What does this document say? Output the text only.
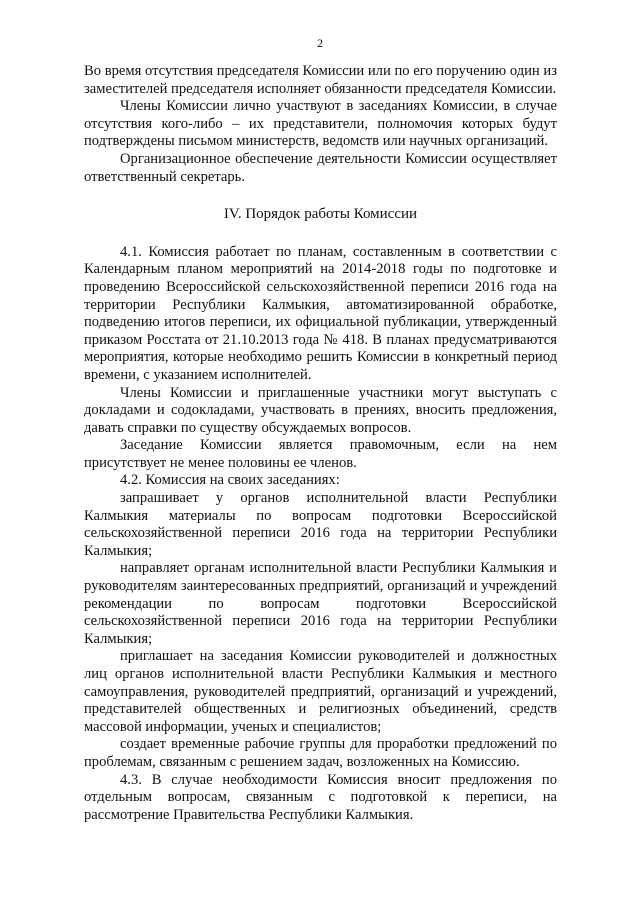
2

Во время отсутствия председателя Комиссии или по его поручению один из заместителей председателя исполняет обязанности председателя Комиссии.

Члены Комиссии лично участвуют в заседаниях Комиссии, в случае отсутствия кого-либо – их представители, полномочия которых будут подтверждены письмом министерств, ведомств или научных организаций.

Организационное обеспечение деятельности Комиссии осуществляет ответственный секретарь.

IV. Порядок работы Комиссии

4.1. Комиссия работает по планам, составленным в соответствии с Календарным планом мероприятий на 2014-2018 годы по подготовке и проведению Всероссийской сельскохозяйственной переписи 2016 года на территории Республики Калмыкия, автоматизированной обработке, подведению итогов переписи, их официальной публикации, утвержденный приказом Росстата от 21.10.2013 года № 418. В планах предусматриваются мероприятия, которые необходимо решить Комиссии в конкретный период времени, с указанием исполнителей.

Члены Комиссии и приглашенные участники могут выступать с докладами и содокладами, участвовать в прениях, вносить предложения, давать справки по существу обсуждаемых вопросов.

Заседание Комиссии является правомочным, если на нем присутствует не менее половины ее членов.

4.2. Комиссия на своих заседаниях:

запрашивает у органов исполнительной власти Республики Калмыкия материалы по вопросам подготовки Всероссийской сельскохозяйственной переписи 2016 года на территории Республики Калмыкия;

направляет органам исполнительной власти Республики Калмыкия и руководителям заинтересованных предприятий, организаций и учреждений рекомендации по вопросам подготовки Всероссийской сельскохозяйственной переписи 2016 года на территории Республики Калмыкия;

приглашает на заседания Комиссии руководителей и должностных лиц органов исполнительной власти Республики Калмыкия и местного самоуправления, руководителей предприятий, организаций и учреждений, представителей общественных и религиозных объединений, средств массовой информации, ученых и специалистов;

создает временные рабочие группы для проработки предложений по проблемам, связанным с решением задач, возложенных на Комиссию.

4.3. В случае необходимости Комиссия вносит предложения по отдельным вопросам, связанным с подготовкой к переписи, на рассмотрение Правительства Республики Калмыкия.
